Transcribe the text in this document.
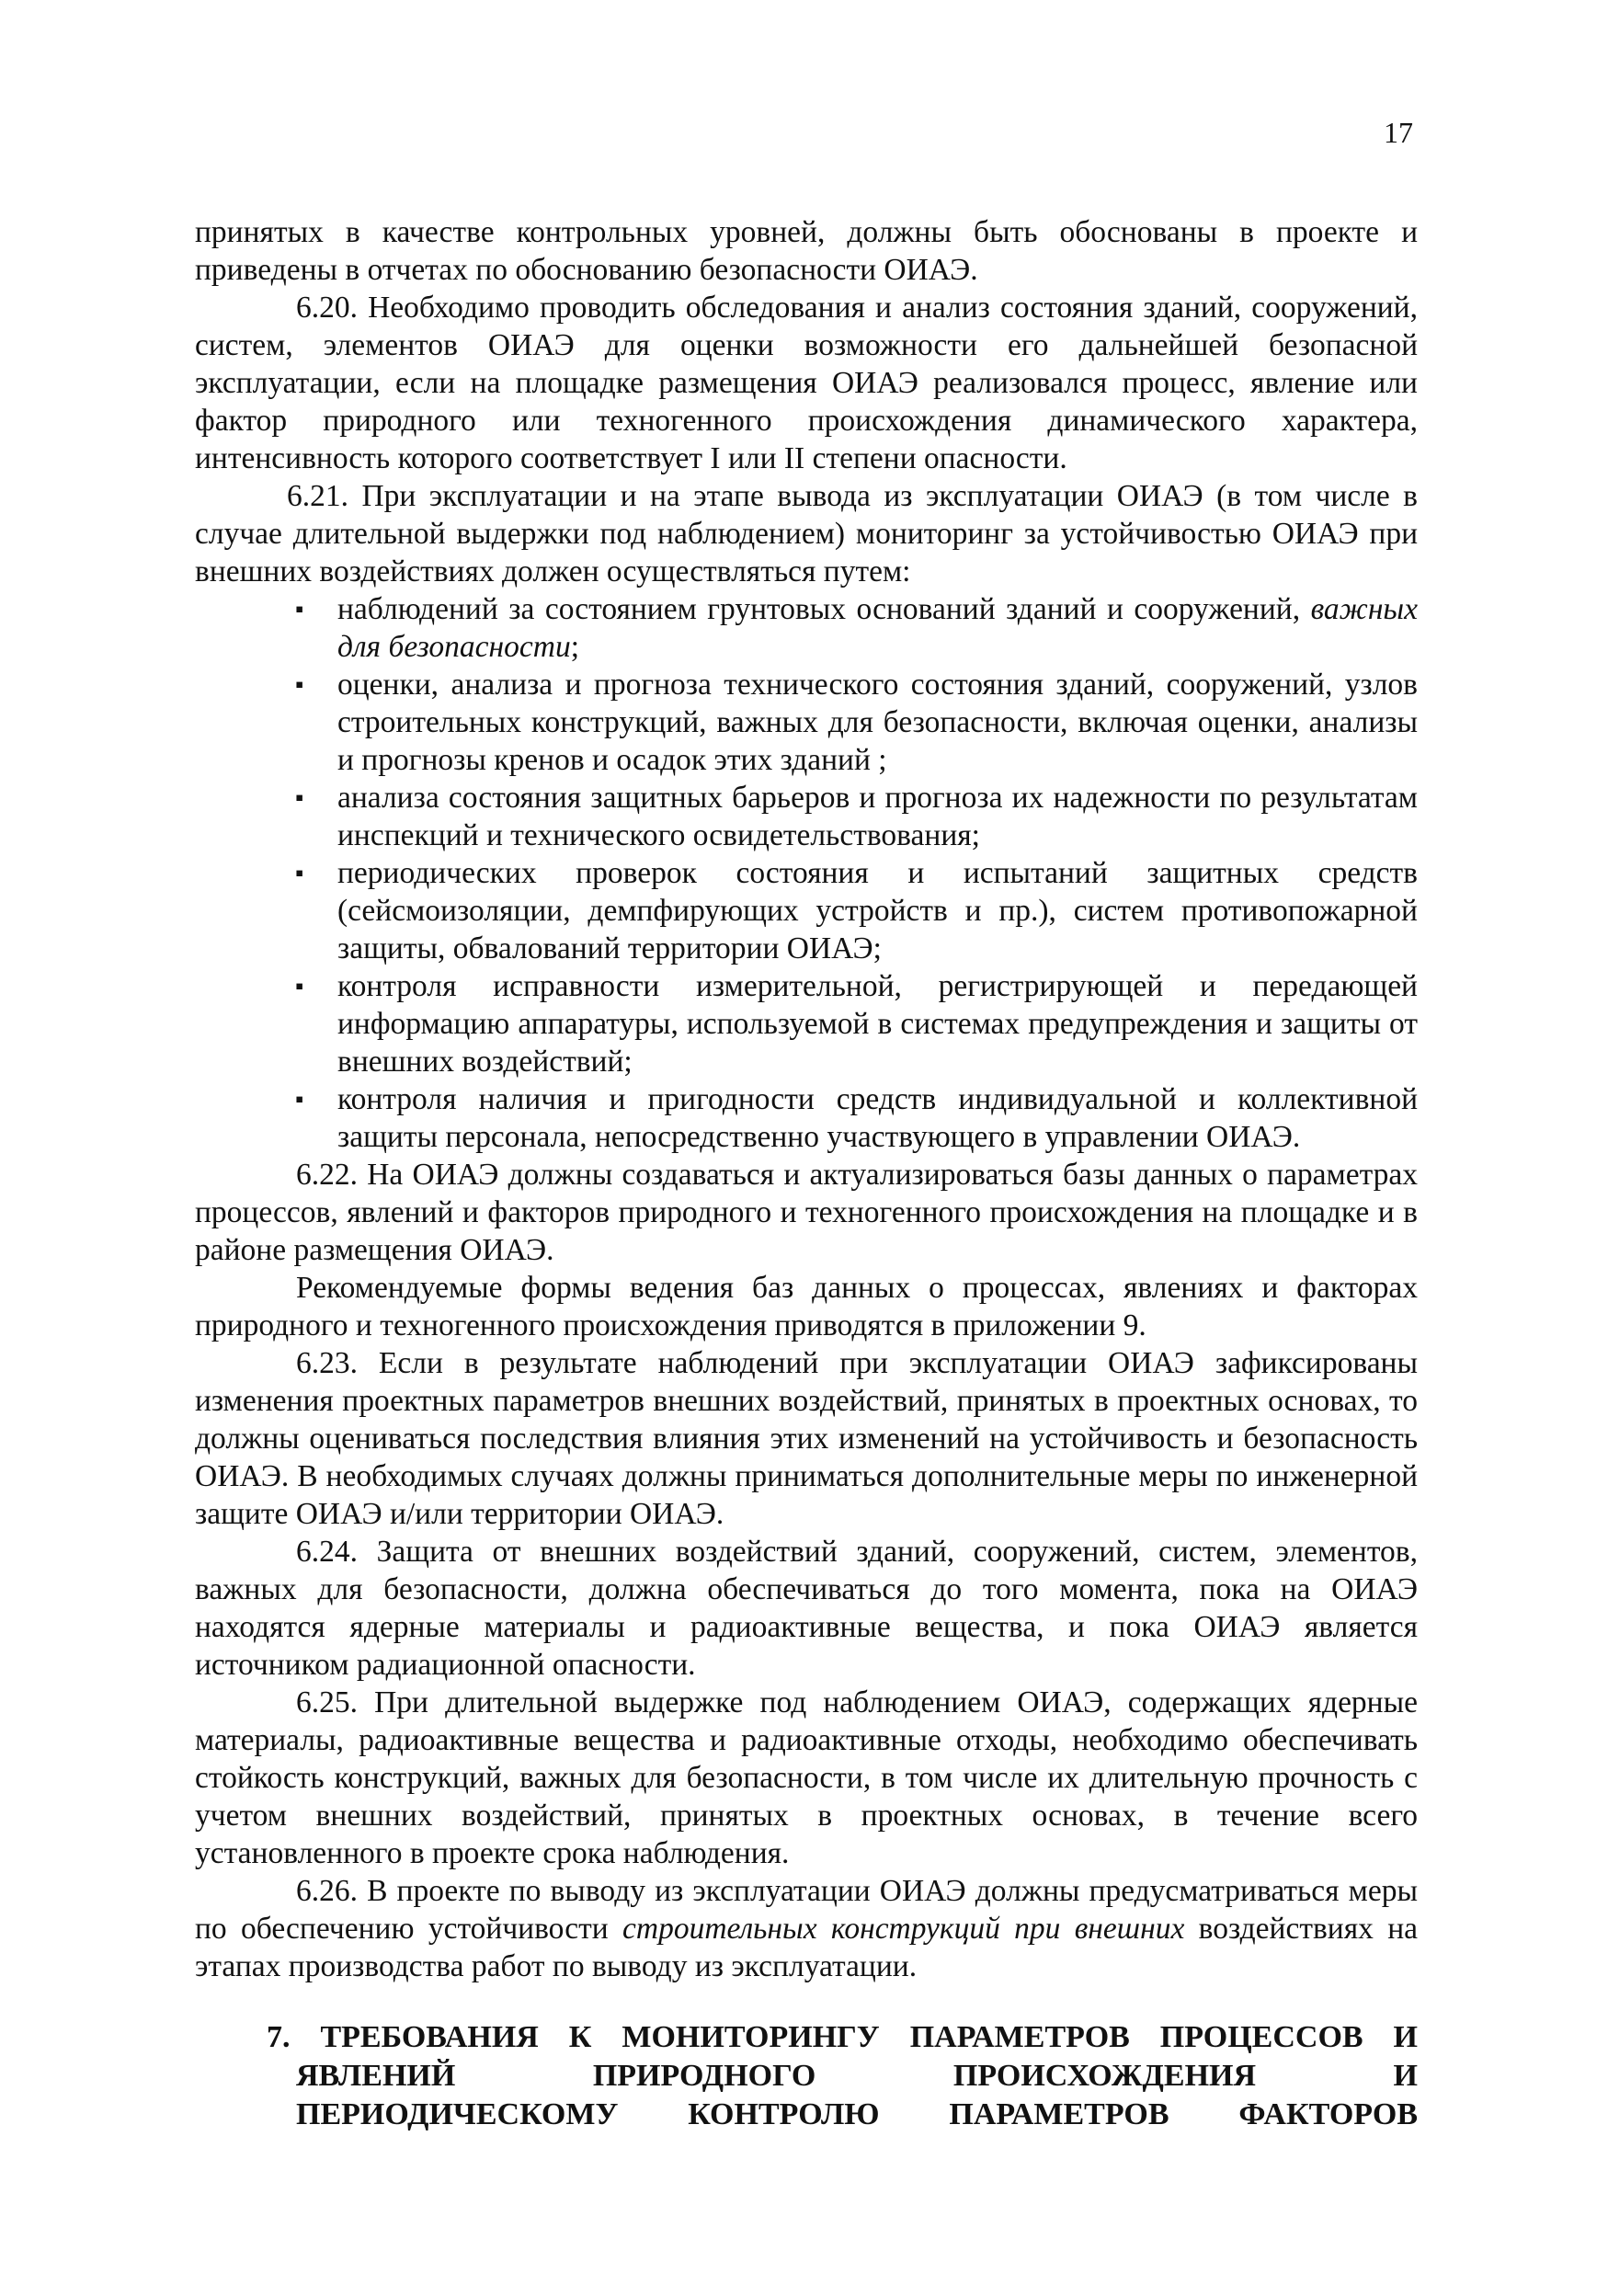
17

принятых в качестве контрольных уровней, должны быть обоснованы в проекте и приведены в отчетах по обоснованию безопасности ОИАЭ.

6.20. Необходимо проводить обследования и анализ состояния зданий, сооружений, систем, элементов ОИАЭ для оценки возможности его дальнейшей безопасной эксплуатации, если на площадке размещения ОИАЭ реализовался процесс, явление или фактор природного или техногенного происхождения динамического характера, интенсивность которого соответствует I или II степени опасности.

6.21. При эксплуатации и на этапе вывода из эксплуатации ОИАЭ (в том числе в случае длительной выдержки под наблюдением) мониторинг за устойчивостью ОИАЭ при внешних воздействиях должен осуществляться путем:

▪ наблюдений за состоянием грунтовых оснований зданий и сооружений, важных для безопасности;
▪ оценки, анализа и прогноза технического состояния зданий, сооружений, узлов строительных конструкций, важных для безопасности, включая оценки, анализы и прогнозы кренов и осадок этих зданий ;
▪ анализа состояния защитных барьеров и прогноза их надежности по результатам инспекций и технического освидетельствования;
▪ периодических проверок состояния и испытаний защитных средств (сейсмоизоляции, демпфирующих устройств и пр.), систем противопожарной защиты, обвалований территории ОИАЭ;
▪ контроля исправности измерительной, регистрирующей и передающей информацию аппаратуры, используемой в системах предупреждения и защиты от внешних воздействий;
▪ контроля наличия и пригодности средств индивидуальной и коллективной защиты персонала, непосредственно участвующего в управлении ОИАЭ.

6.22. На ОИАЭ должны создаваться и актуализироваться базы данных о параметрах процессов, явлений и факторов природного и техногенного происхождения на площадке и в районе размещения ОИАЭ.

Рекомендуемые формы ведения баз данных о процессах, явлениях и факторах природного и техногенного происхождения приводятся в приложении 9.

6.23. Если в результате наблюдений при эксплуатации ОИАЭ зафиксированы изменения проектных параметров внешних воздействий, принятых в проектных основах, то должны оцениваться последствия влияния этих изменений на устойчивость и безопасность ОИАЭ. В необходимых случаях должны приниматься дополнительные меры по инженерной защите ОИАЭ и/или территории ОИАЭ.

6.24. Защита от внешних воздействий зданий, сооружений, систем, элементов, важных для безопасности, должна обеспечиваться до того момента, пока на ОИАЭ находятся ядерные материалы и радиоактивные вещества, и пока ОИАЭ является источником радиационной опасности.

6.25. При длительной выдержке под наблюдением ОИАЭ, содержащих ядерные материалы, радиоактивные вещества и радиоактивные отходы, необходимо обеспечивать стойкость конструкций, важных для безопасности, в том числе их длительную прочность с учетом внешних воздействий, принятых в проектных основах, в течение всего установленного в проекте срока наблюдения.

6.26. В проекте по выводу из эксплуатации ОИАЭ должны предусматриваться меры по обеспечению устойчивости строительных конструкций при внешних воздействиях на этапах производства работ по выводу из эксплуатации.

7. ТРЕБОВАНИЯ К МОНИТОРИНГУ ПАРАМЕТРОВ ПРОЦЕССОВ И
ЯВЛЕНИЙ ПРИРОДНОГО ПРОИСХОЖДЕНИЯ И
ПЕРИОДИЧЕСКОМУ КОНТРОЛЮ ПАРАМЕТРОВ ФАКТОРОВ
